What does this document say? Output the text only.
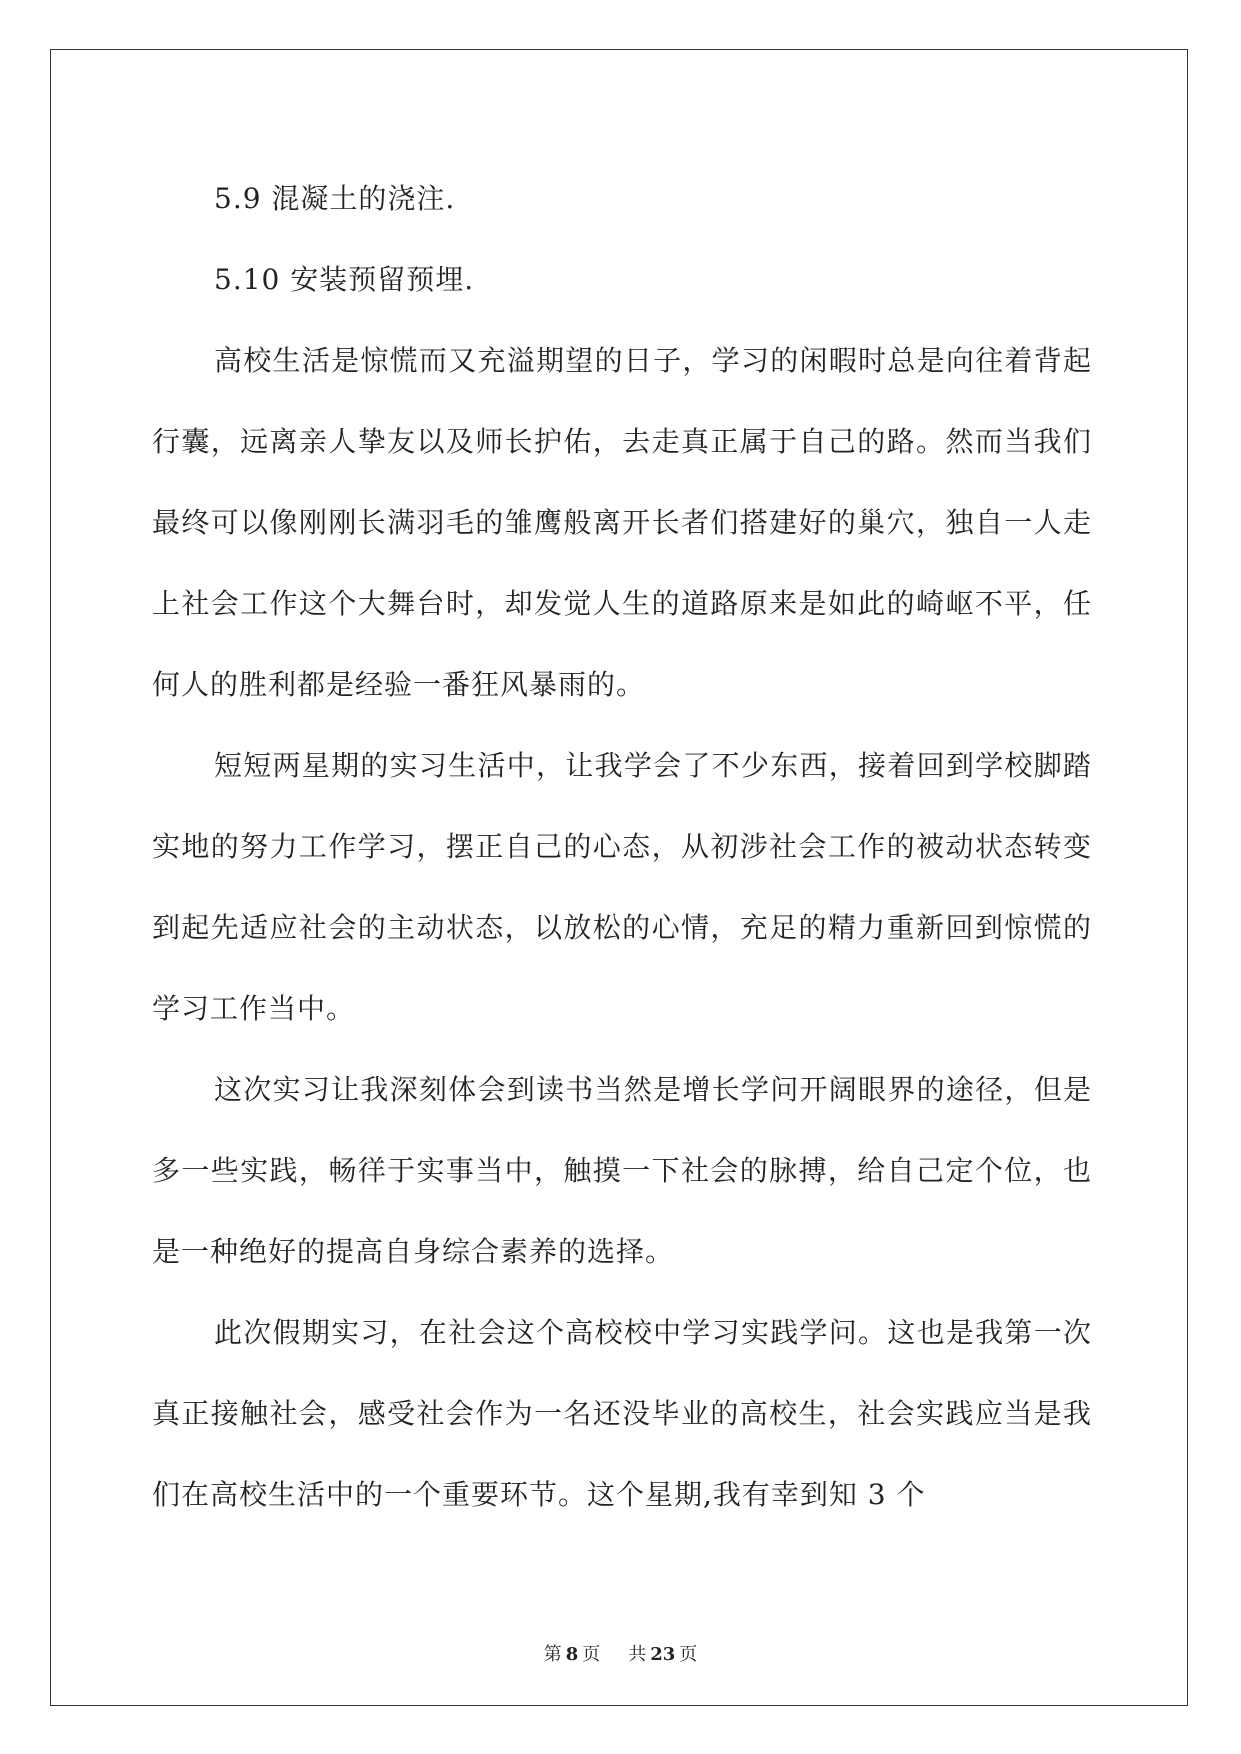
5.9 混凝土的浇注.

5.10 安装预留预埋.

高校生活是惊慌而又充溢期望的日子，学习的闲暇时总是向往着背起行囊，远离亲人挚友以及师长护佑，去走真正属于自己的路。然而当我们最终可以像刚刚长满羽毛的雏鹰般离开长者们搭建好的巢穴，独自一人走上社会工作这个大舞台时，却发觉人生的道路原来是如此的崎岖不平，任何人的胜利都是经验一番狂风暴雨的。

短短两星期的实习生活中，让我学会了不少东西，接着回到学校脚踏实地的努力工作学习，摆正自己的心态，从初涉社会工作的被动状态转变到起先适应社会的主动状态，以放松的心情，充足的精力重新回到惊慌的学习工作当中。

这次实习让我深刻体会到读书当然是增长学问开阔眼界的途径，但是多一些实践，畅徉于实事当中，触摸一下社会的脉搏，给自己定个位，也是一种绝好的提高自身综合素养的选择。

此次假期实习，在社会这个高校校中学习实践学问。这也是我第一次真正接触社会，感受社会作为一名还没毕业的高校生，社会实践应当是我们在高校生活中的一个重要环节。这个星期,我有幸到知 3 个

第 8 页 共 23 页
